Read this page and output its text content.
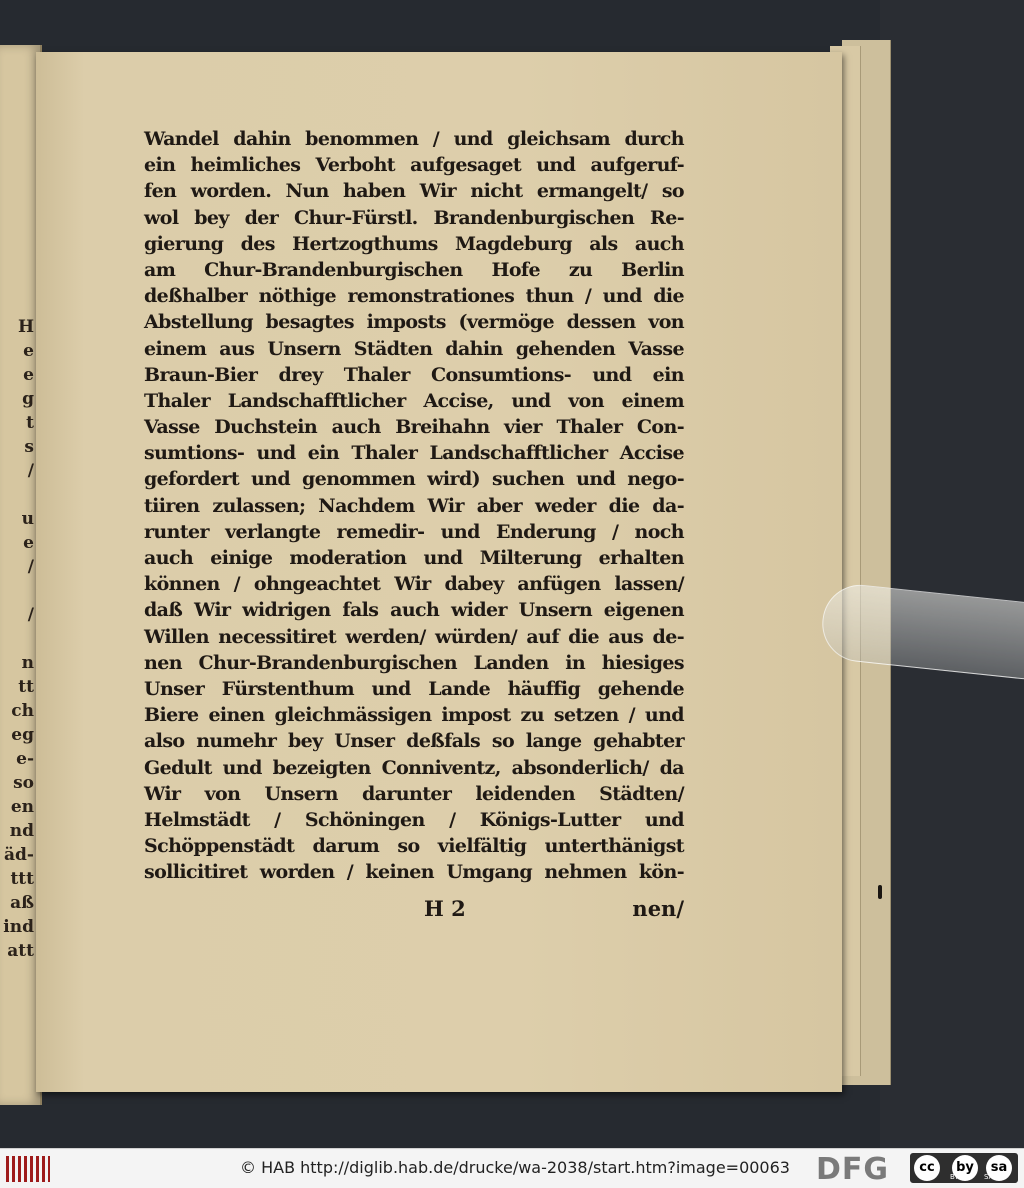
H
e
e
g
t
s
/
u
e
/
/
n
tt
ch
eg
e-
so
en
nd
äd-
ttt
aß
ind
att
Wandel dahin benommen / und gleichsam durch
ein heimliches Verboht aufgesaget und aufgeruf-
fen worden. Nun haben Wir nicht ermangelt/ so
wol bey der Chur-Fürstl. Brandenburgischen Re-
gierung des Hertzogthums Magdeburg als auch
am Chur-Brandenburgischen Hofe zu Berlin
deßhalber nöthige remonstrationes thun / und die
Abstellung besagtes imposts (vermöge dessen von
einem aus Unsern Städten dahin gehenden Vasse
Braun-Bier drey Thaler Consumtions- und ein
Thaler Landschafftlicher Accise, und von einem
Vasse Duchstein auch Breihahn vier Thaler Con-
sumtions- und ein Thaler Landschafftlicher Accise
gefordert und genommen wird) suchen und nego-
tiiren zulassen; Nachdem Wir aber weder die da-
runter verlangte remedir- und Enderung / noch
auch einige moderation und Milterung erhalten
können / ohngeachtet Wir dabey anfügen lassen/
daß Wir widrigen fals auch wider Unsern eigenen
Willen necessitiret werden/ würden/ auf die aus de-
nen Chur-Brandenburgischen Landen in hiesiges
Unser Fürstenthum und Lande häuffig gehende
Biere einen gleichmässigen impost zu setzen / und
also numehr bey Unser deßfals so lange gehabter
Gedult und bezeigten Conniventz, absonderlich/ da
Wir von Unsern darunter leidenden Städten/
Helmstädt / Schöningen / Königs-Lutter und
Schöppenstädt darum so vielfältig unterthänigst
sollicitiret worden / keinen Umgang nehmen kön-
H 2	nen/
© HAB http://diglib.hab.de/drucke/wa-2038/start.htm?image=00063 DFG	cc	by	sa
BY	SA
